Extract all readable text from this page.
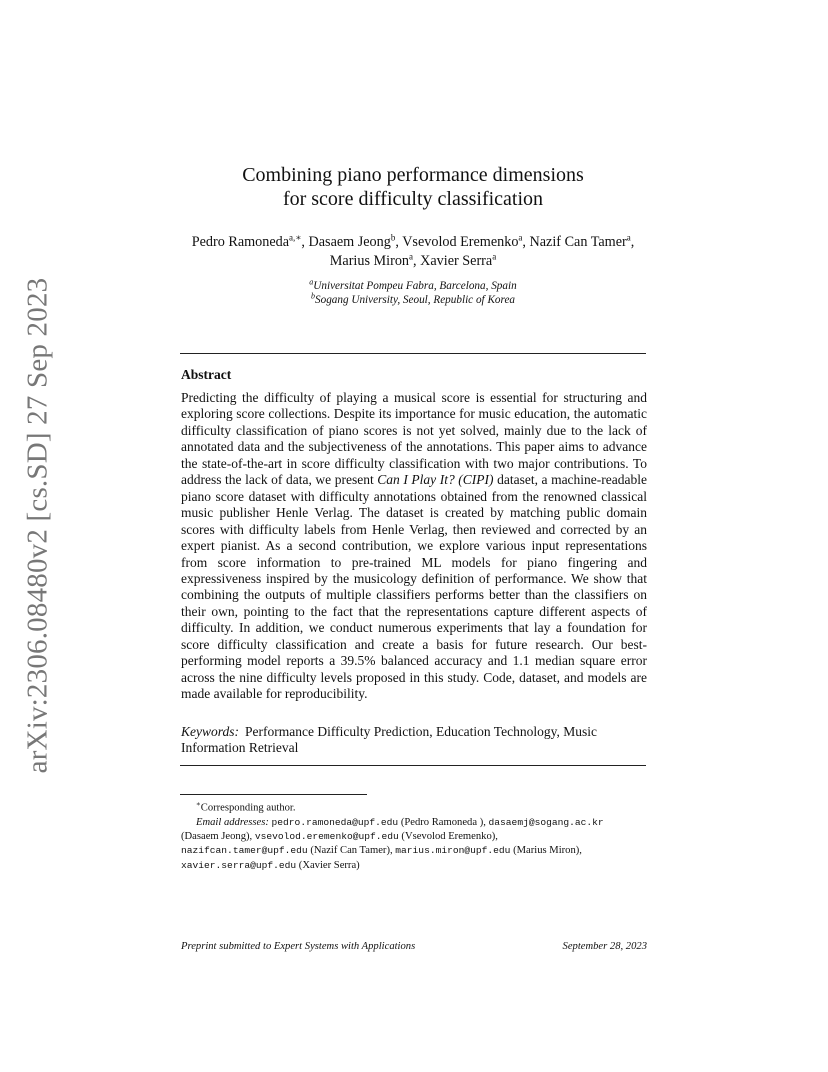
arXiv:2306.08480v2 [cs.SD] 27 Sep 2023
Combining piano performance dimensions
for score difficulty classification
Pedro Ramoneda$^{a,∗}$, Dasaem Jeong$^b$, Vsevolod Eremenko$^a$, Nazif Can Tamer$^a$,
Marius Miron$^a$, Xavier Serra$^a$
$^a$Universitat Pompeu Fabra, Barcelona, Spain
$^b$Sogang University, Seoul, Republic of Korea
Abstract
Predicting the difficulty of playing a musical score is essential for structuring and exploring score collections. Despite its importance for music education, the automatic difficulty classification of piano scores is not yet solved, mainly due to the lack of annotated data and the subjectiveness of the annotations. This paper aims to advance the state-of-the-art in score difficulty classification with two major contributions. To address the lack of data, we present Can I Play It? (CIPI) dataset, a machine-readable piano score dataset with difficulty annotations obtained from the renowned classical music publisher Henle Verlag. The dataset is created by matching public domain scores with difficulty labels from Henle Verlag, then reviewed and corrected by an expert pianist. As a second contribution, we explore various input representations from score information to pre-trained ML models for piano fingering and expressiveness inspired by the musicology definition of performance. We show that combining the outputs of multiple classifiers performs better than the classifiers on their own, pointing to the fact that the representations capture different aspects of difficulty. In addition, we conduct numerous experiments that lay a foundation for score difficulty classification and create a basis for future research. Our best-performing model reports a 39.5% balanced accuracy and 1.1 median square error across the nine difficulty levels proposed in this study. Code, dataset, and models are made available for reproducibility.
Keywords: Performance Difficulty Prediction, Education Technology, Music Information Retrieval
∗Corresponding author.
Email addresses: pedro.ramoneda@upf.edu (Pedro Ramoneda ), dasaemj@sogang.ac.kr
(Dasaem Jeong), vsevolod.eremenko@upf.edu (Vsevolod Eremenko),
nazifcan.tamer@upf.edu (Nazif Can Tamer), marius.miron@upf.edu (Marius Miron),
xavier.serra@upf.edu (Xavier Serra)
Preprint submitted to Expert Systems with Applications	September 28, 2023
